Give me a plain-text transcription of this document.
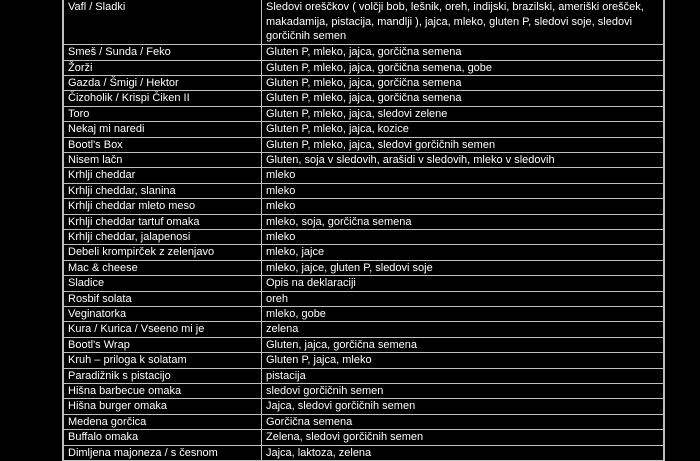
Vafl / Sladki	Sledovi oreščkov ( volčji bob, lešnik, oreh, indijski, brazilski, ameriški orešček, makadamija, pistacija, mandlji ), jajca, mleko, gluten P, sledovi soje, sledovi gorčičnih semen
Smeš / Sunda / Feko	Gluten P, mleko, jajca, gorčična semena
Žorži	Gluten P, mleko, jajca, gorčična semena, gobe
Gazda / Šmigi / Hektor	Gluten P, mleko, jajca, gorčična semena
Čizoholik / Krispi Čiken II	Gluten P, mleko, jajca, gorčična semena
Toro	Gluten P, mleko, jajca, sledovi zelene
Nekaj mi naredi	Gluten P, mleko, jajca, kozice
Bootl's Box	Gluten P, mleko, jajca, sledovi gorčičnih semen
Nisem lačn	Gluten, soja v sledovih, arašidi v sledovih, mleko v sledovih
Krhlji cheddar	mleko
Krhlji cheddar, slanina	mleko
Krhlji cheddar mleto meso	mleko
Krhlji cheddar tartuf omaka	mleko, soja, gorčična semena
Krhlji cheddar, jalapenosi	mleko
Debeli krompirček z zelenjavo	mleko, jajce
Mac & cheese	mleko, jajce, gluten P, sledovi soje
Sladice	Opis na deklaraciji
Rosbif solata	oreh
Veginatorka	mleko, gobe
Kura / Kurica / Vseeno mi je	zelena
Bootl's Wrap	Gluten, jajca, gorčična semena
Kruh – priloga k solatam	Gluten P, jajca, mleko
Paradižnik s pistacijo	pistacija
Hišna barbecue omaka	sledovi gorčičnih semen
Hišna burger omaka	Jajca, sledovi gorčičnih semen
Medena gorčica	Gorčična semena
Buffalo omaka	Zelena, sledovi gorčičnih semen
Dimljena majoneza / s česnom	Jajca, laktoza, zelena
